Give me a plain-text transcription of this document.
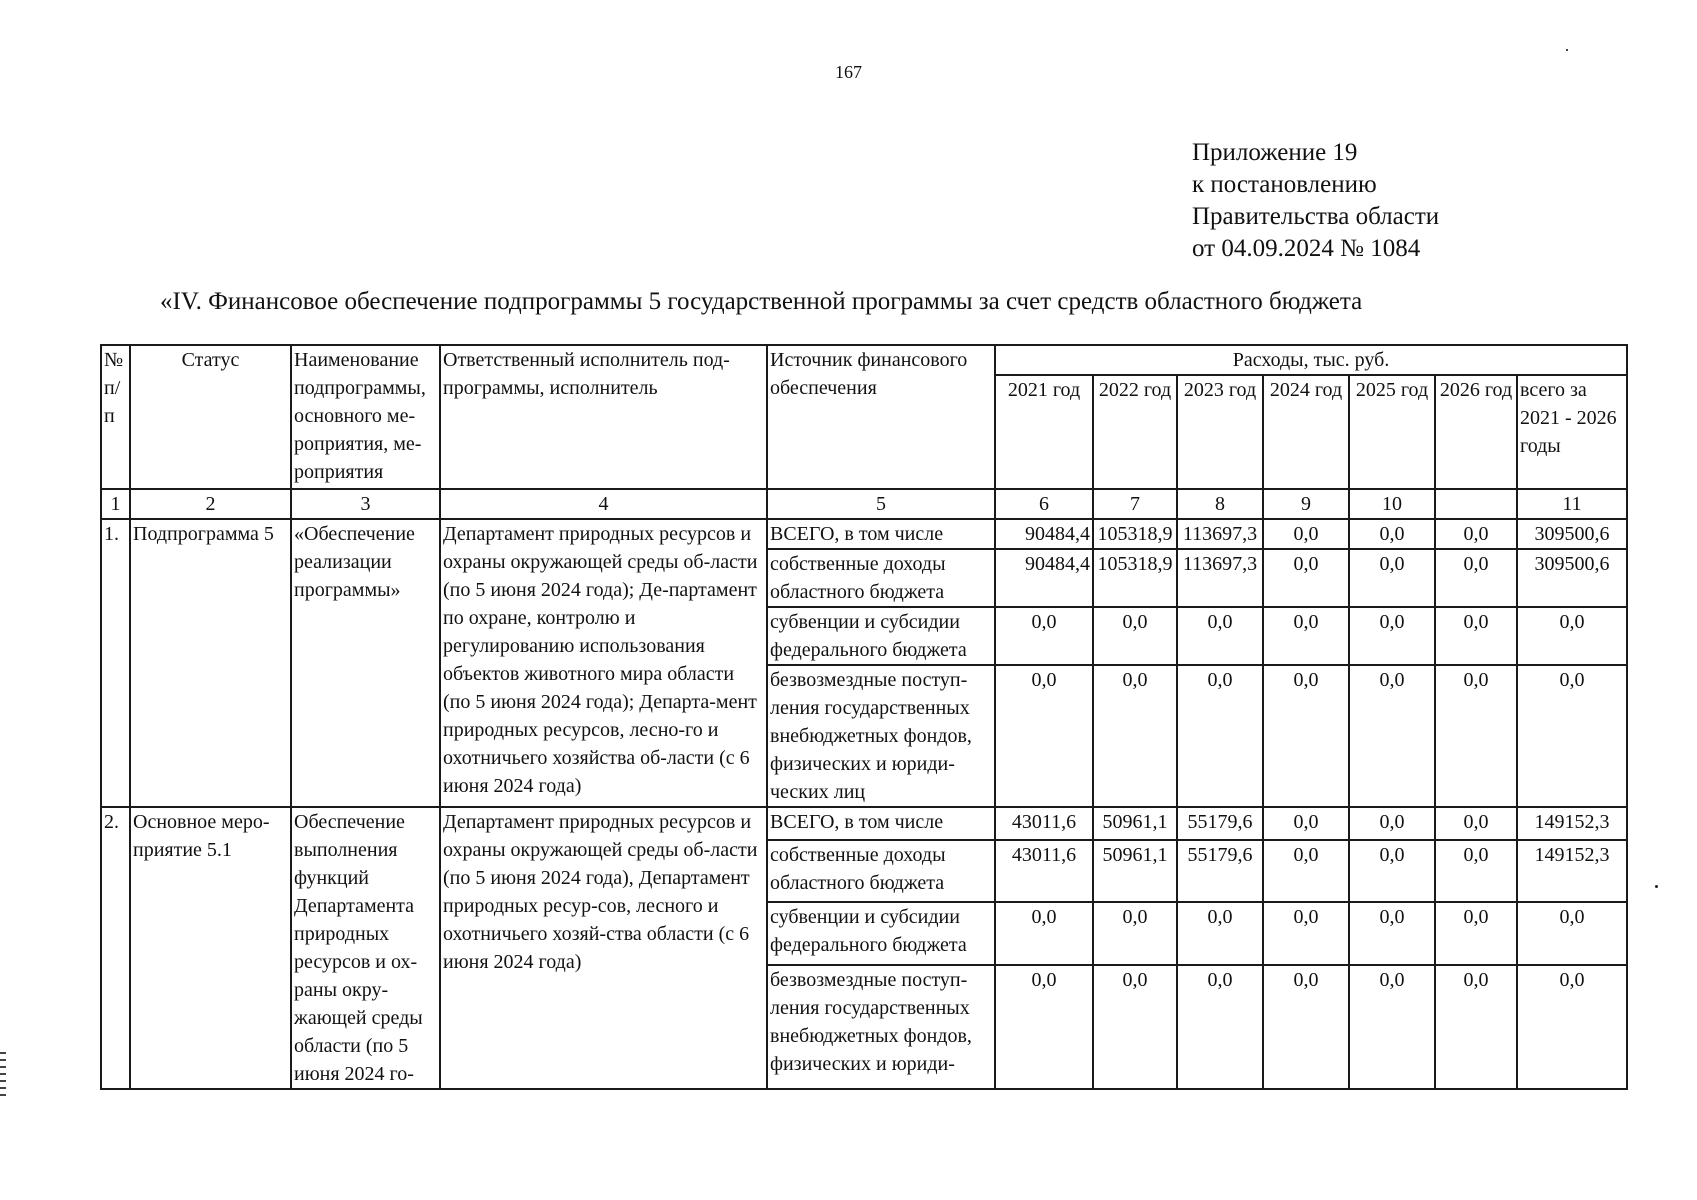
167
Приложение 19
к постановлению
Правительства области
от 04.09.2024 № 1084
«IV. Финансовое обеспечение подпрограммы 5 государственной программы за счет средств областного бюджета
№ п/п	Статус	Наименование подпрограммы, основного ме-роприятия, ме-роприятия	Ответственный исполнитель под-программы, исполнитель	Источник финансового обеспечения	Расходы, тыс. руб.						
					2021 год	2022 год	2023 год	2024 год	2025 год	2026 год	всего за 2021 - 2026 годы
1	2	3	4	5	6	7	8	9	10		11
1.	Подпрограмма 5	«Обеспечение реализации программы»	Департамент природных ресурсов и охраны окружающей среды об-ласти (по 5 июня 2024 года); Де-партамент по охране, контролю и регулированию использования объектов животного мира области (по 5 июня 2024 года); Департа-мент природных ресурсов, лесно-го и охотничьего хозяйства об-ласти (с 6 июня 2024 года)	ВСЕГО, в том числе	90484,4	105318,9	113697,3	0,0	0,0	0,0	309500,6
				собственные доходы областного бюджета	90484,4	105318,9	113697,3	0,0	0,0	0,0	309500,6
				субвенции и субсидии федерального бюджета	0,0	0,0	0,0	0,0	0,0	0,0	0,0
				безвозмездные поступ-ления государственных внебюджетных фондов, физических и юриди-ческих лиц	0,0	0,0	0,0	0,0	0,0	0,0	0,0
2.	Основное меро-приятие 5.1	Обеспечение выполнения функций Департамента природных ресурсов и ох-раны окру-жающей среды области (по 5 июня 2024 го-	Департамент природных ресурсов и охраны окружающей среды об-ласти (по 5 июня 2024 года), Департамент природных ресур-сов, лесного и охотничьего хозяй-ства области (с 6 июня 2024 года)	ВСЕГО, в том числе	43011,6	50961,1	55179,6	0,0	0,0	0,0	149152,3
				собственные доходы областного бюджета	43011,6	50961,1	55179,6	0,0	0,0	0,0	149152,3
				субвенции и субсидии федерального бюджета	0,0	0,0	0,0	0,0	0,0	0,0	0,0
				безвозмездные поступ-ления государственных внебюджетных фондов, физических и юриди-	0,0	0,0	0,0	0,0	0,0	0,0	0,0
